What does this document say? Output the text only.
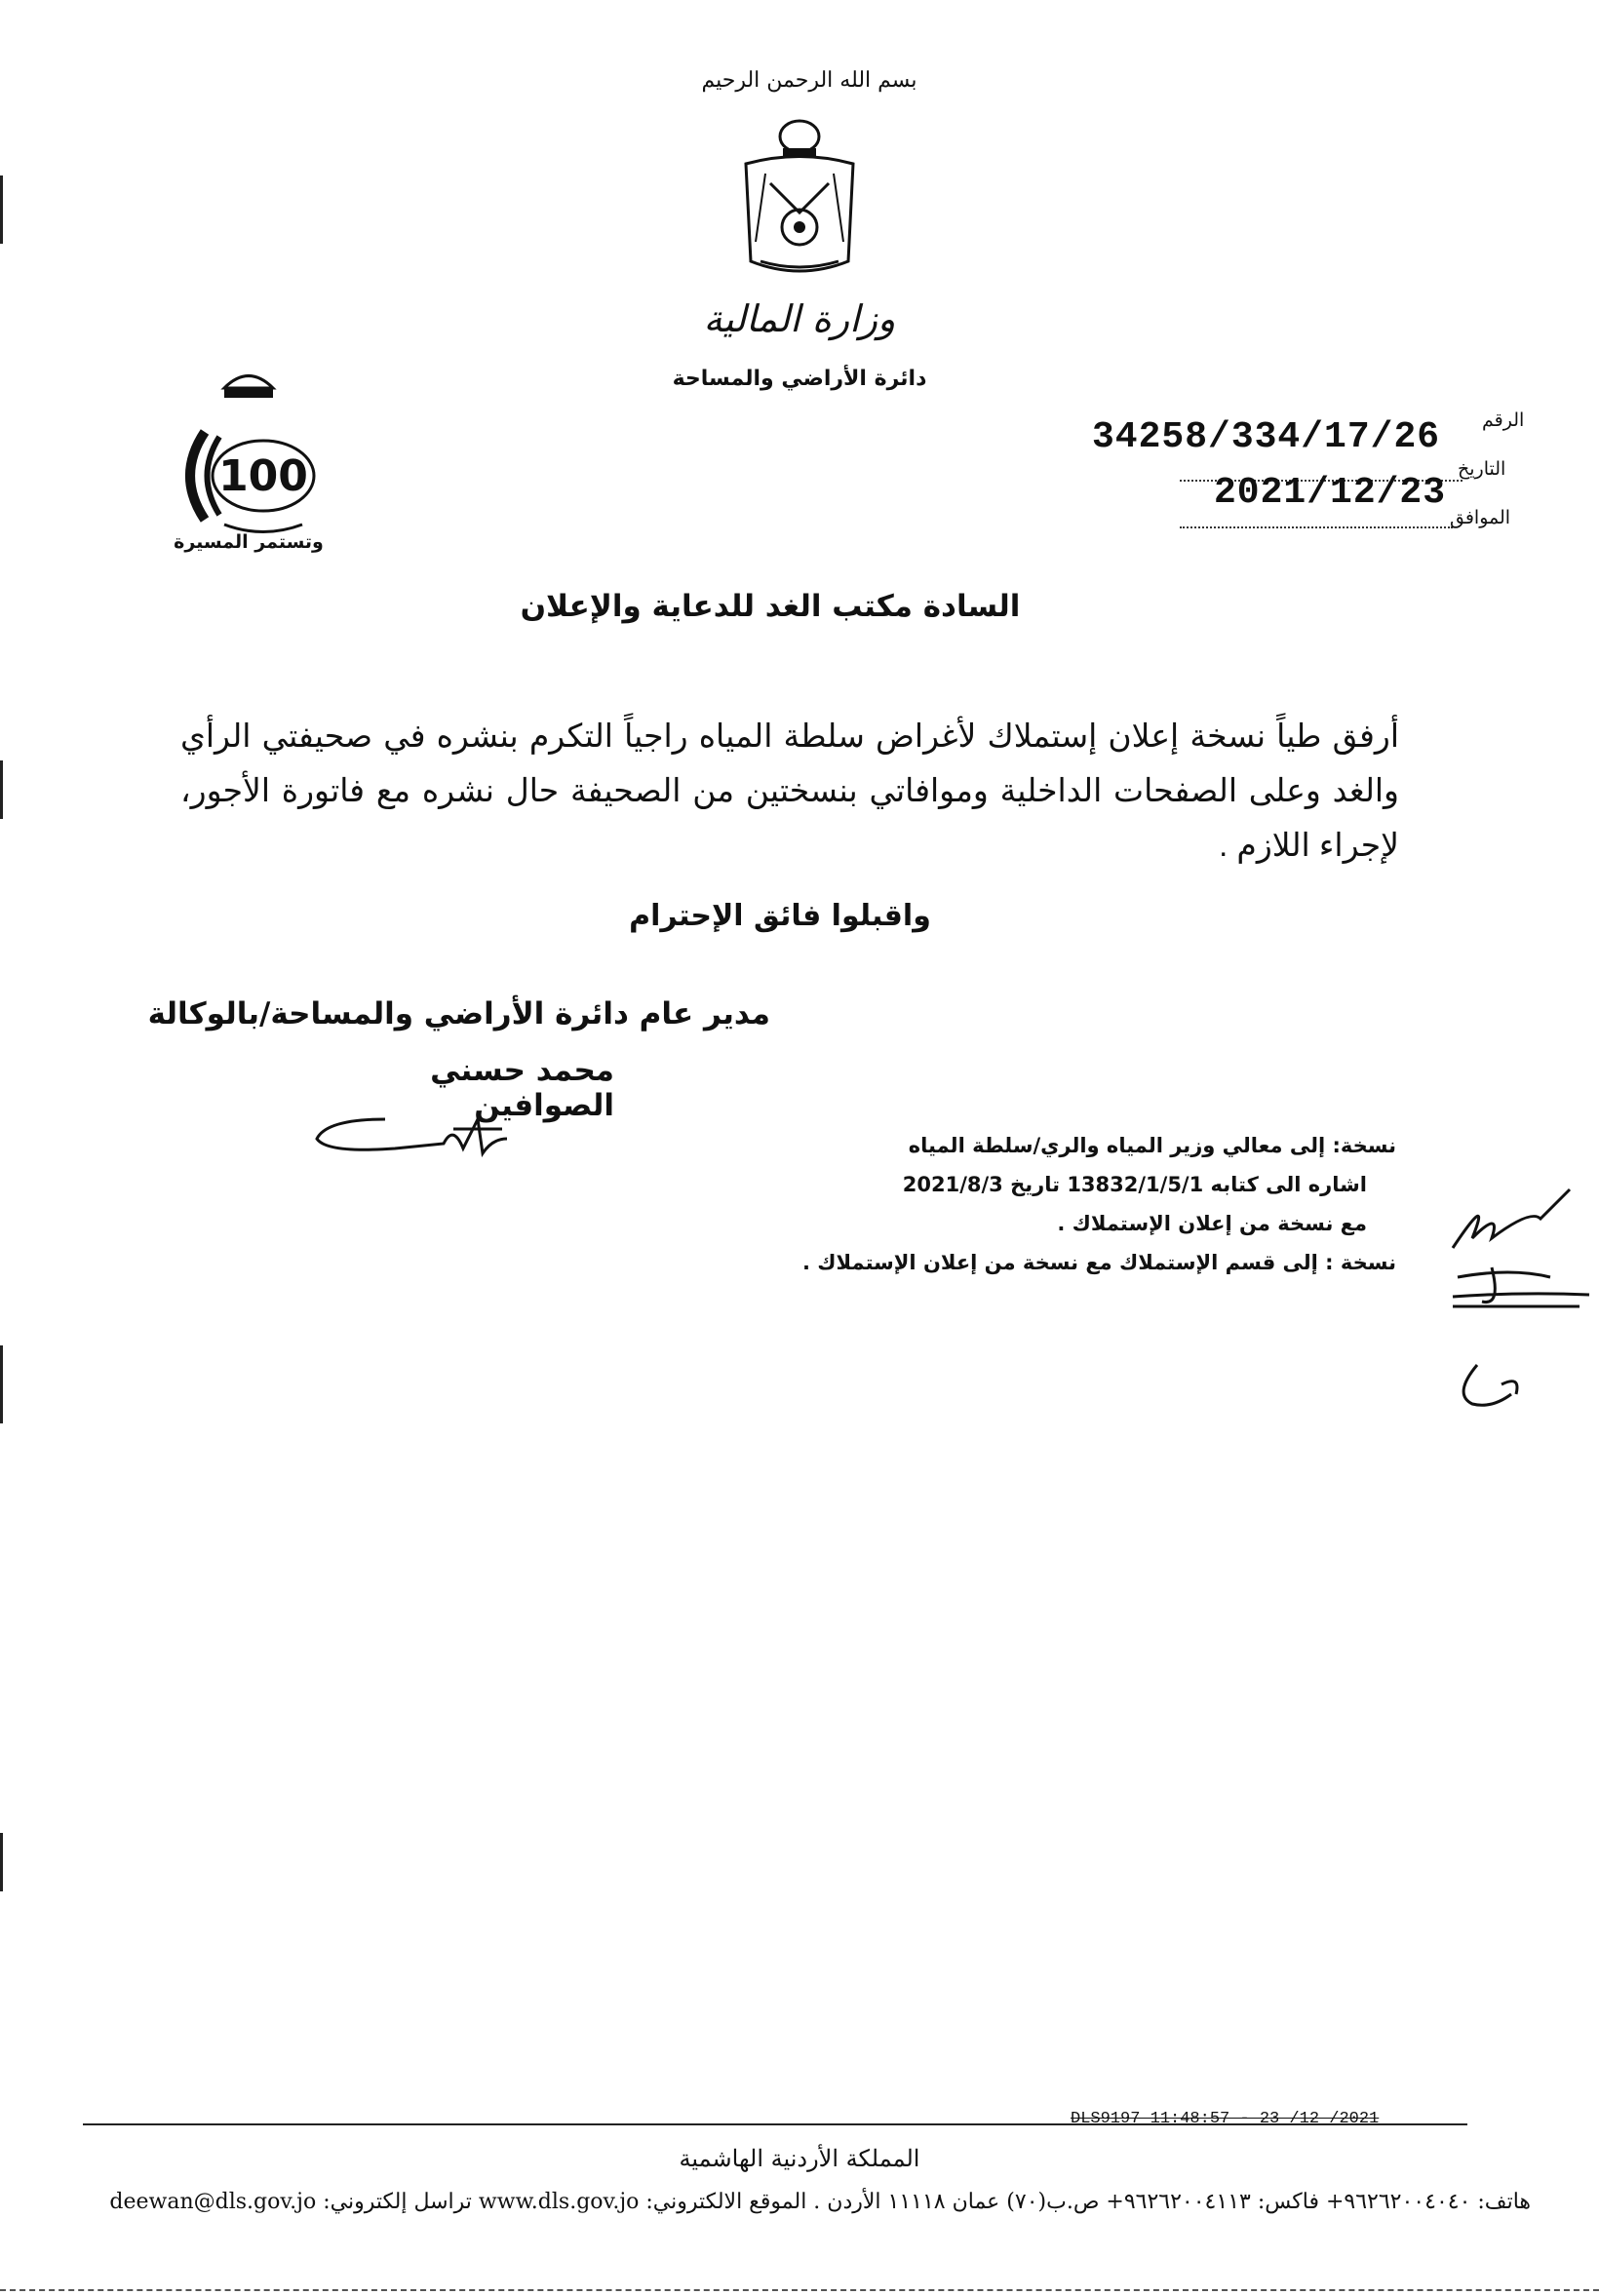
بسم الله الرحمن الرحيم
وزارة المالية
دائرة الأراضي والمساحة
100
وتستمر المسيرة
الرقم
34258/334/17/26
التاريخ
2021/12/23
الموافق
السادة مكتب الغد للدعاية والإعلان
أرفق طياً نسخة إعلان إستملاك لأغراض سلطة المياه راجياً التكرم بنشره في صحيفتي الرأي والغد وعلى الصفحات الداخلية وموافاتي بنسختين من الصحيفة حال نشره مع فاتورة الأجور، لإجراء اللازم .
واقبلوا فائق الإحترام
مدير عام دائرة الأراضي والمساحة/بالوكالة
محمد حسني الصوافين
نسخة: إلى معالي وزير المياه والري/سلطة المياه
اشاره الى كتابه 13832/1/5/1 تاريخ 2021/8/3
مع نسخة من إعلان الإستملاك .
نسخة : إلى قسم الإستملاك مع نسخة من إعلان الإستملاك .
DLS9197 11:48:57 - 23 /12 /2021
المملكة الأردنية الهاشمية
هاتف: ٩٦٢٦٢٠٠٤٠٤٠+ فاكس: ٩٦٢٦٢٠٠٤١١٣+ ص.ب(٧٠) عمان ١١١١٨ الأردن . الموقع الالكتروني: www.dls.gov.jo تراسل إلكتروني: deewan@dls.gov.jo
